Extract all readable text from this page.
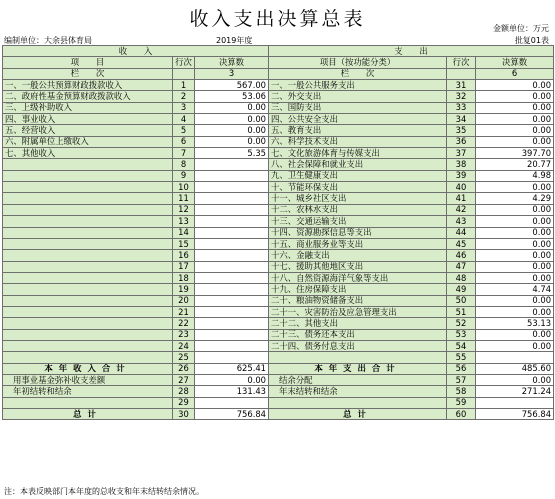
收入支出决算总表	金额单位：万元
编制单位：大余县体育局	2019年度	批复01表
收　　入			支　　出		
项　　目	行次	决算数	项目（按功能分类）	行次	决算数
栏　　次		3	栏　　次		6
一、一般公共预算财政拨款收入	1	567.00	一、一般公共服务支出	31	0.00
二、政府性基金预算财政拨款收入	2	53.06	二、外交支出	32	0.00
三、上级补助收入	3	0.00	三、国防支出	33	0.00
四、事业收入	4	0.00	四、公共安全支出	34	0.00
五、经营收入	5	0.00	五、教育支出	35	0.00
六、附属单位上缴收入	6	0.00	六、科学技术支出	36	0.00
七、其他收入	7	5.35	七、文化旅游体育与传媒支出	37	397.70
	8		八、社会保障和就业支出	38	20.77
	9		九、卫生健康支出	39	4.98
	10		十、节能环保支出	40	0.00
	11		十一、城乡社区支出	41	4.29
	12		十二、农林水支出	42	0.00
	13		十三、交通运输支出	43	0.00
	14		十四、资源勘探信息等支出	44	0.00
	15		十五、商业服务业等支出	45	0.00
	16		十六、金融支出	46	0.00
	17		十七、援助其他地区支出	47	0.00
	18		十八、自然资源海洋气象等支出	48	0.00
	19		十九、住房保障支出	49	4.74
	20		二十、粮油物资储备支出	50	0.00
	21		二十一、灾害防治及应急管理支出	51	0.00
	22		二十二、其他支出	52	53.13
	23		二十三、债务还本支出	53	0.00
	24		二十四、债务付息支出	54	0.00
	25			55	
本年收入合计	26	625.41	本年支出合计	56	485.60
用事业基金弥补收支差额	27	0.00	结余分配	57	0.00
年初结转和结余	28	131.43	年末结转和结余	58	271.24
	29			59	
总计	30	756.84	总计	60	756.84
注：本表反映部门本年度的总收支和年末结转结余情况。
